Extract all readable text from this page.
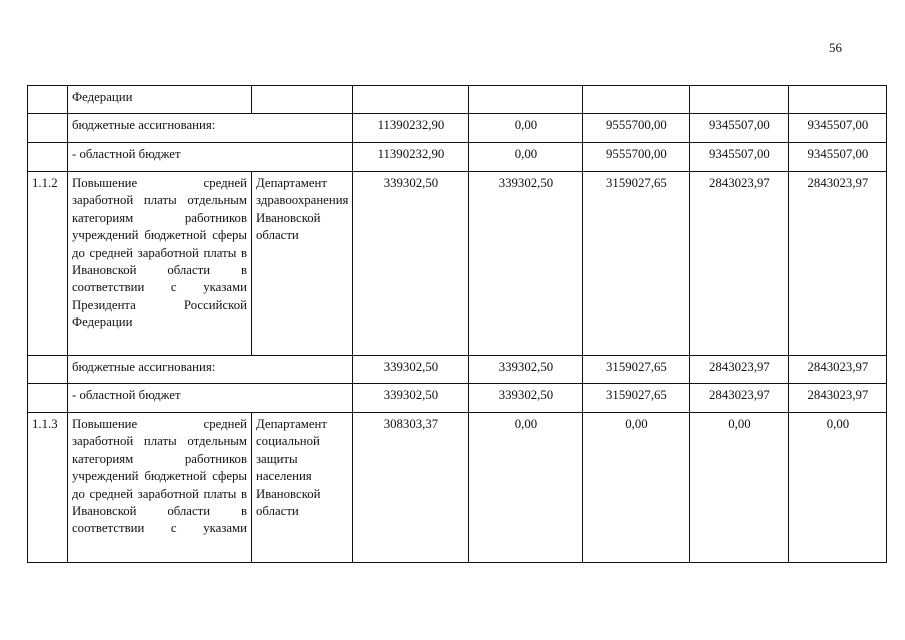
56
	Федерации						
	бюджетные ассигнования:		11390232,90	0,00	9555700,00	9345507,00	9345507,00
	- областной бюджет		11390232,90	0,00	9555700,00	9345507,00	9345507,00
1.1.2	Повышение средней заработной платы отдельным категориям работников учреждений бюджетной сферы до средней заработной платы в Ивановской области в соответствии с указами Президента Российской Федерации	Департамент здравоохранения Ивановской области	339302,50	339302,50	3159027,65	2843023,97	2843023,97
	бюджетные ассигнования:		339302,50	339302,50	3159027,65	2843023,97	2843023,97
	- областной бюджет		339302,50	339302,50	3159027,65	2843023,97	2843023,97
1.1.3	Повышение средней заработной платы отдельным категориям работников учреждений бюджетной сферы до средней заработной платы в Ивановской области в соответствии с указами	Департамент социальной защиты населения Ивановской области	308303,37	0,00	0,00	0,00	0,00
